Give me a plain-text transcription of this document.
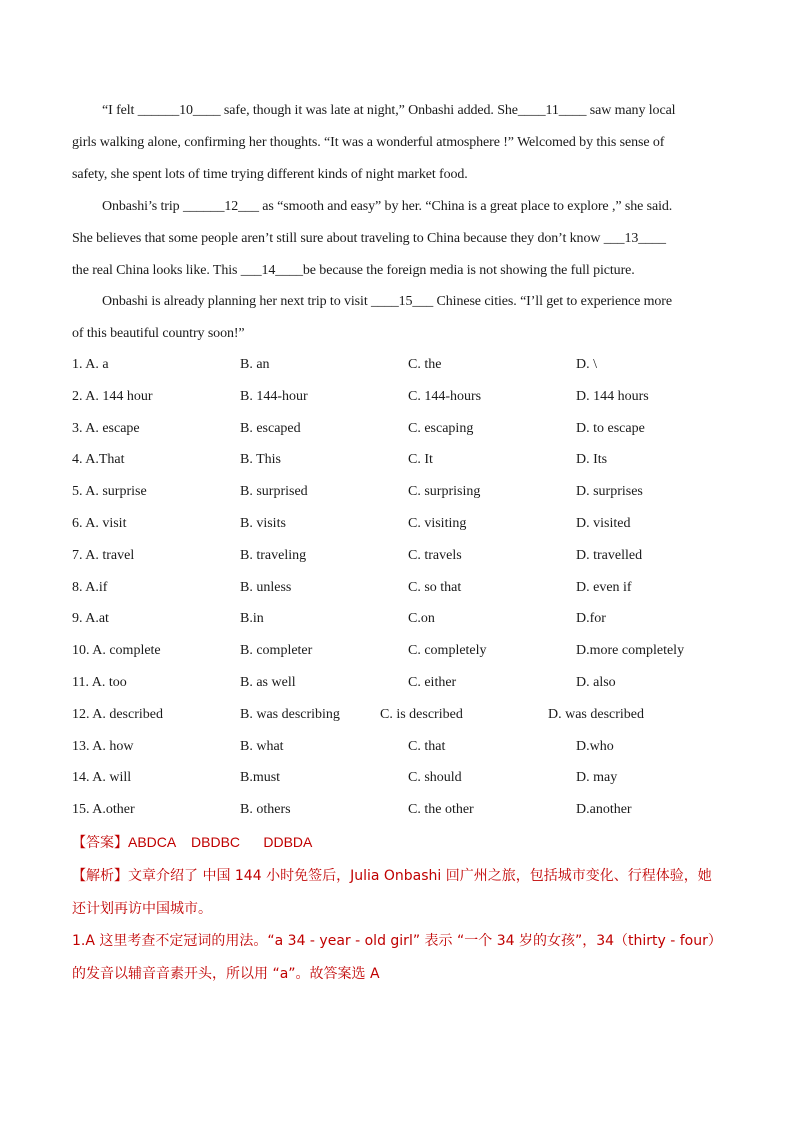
“I felt ______10____ safe, though it was late at night,” Onbashi added. She____11____ saw many local
girls walking alone, confirming her thoughts. “It was a wonderful atmosphere !” Welcomed by this sense of
safety, she spent lots of time trying different kinds of night market food.
Onbashi’s trip ______12___ as “smooth and easy” by her. “China is a great place to explore ,” she said.
She believes that some people aren’t still sure about traveling to China because they don’t know ___13____
the real China looks like. This ___14____be because the foreign media is not showing the full picture.
Onbashi is already planning her next trip to visit ____15___ Chinese cities. “I’ll get to experience more
of this beautiful country soon!”
1. A. a	B. an	C. the	D. \
2. A. 144 hour	B. 144-hour	C. 144-hours	D. 144 hours
3. A. escape	B. escaped	C. escaping	D. to escape
4. A.That	B. This	C. It	D. Its
5. A. surprise	B. surprised	C. surprising	D. surprises
6. A. visit	B. visits	C. visiting	D. visited
7. A. travel	B. traveling	C. travels	D. travelled
8. A.if	B. unless	C. so that	D. even if
9. A.at	B.in	C.on	D.for
10. A. complete	B. completer	C. completely	D.more completely
11. A. too	B. as well	C. either	D. also
12. A. described	B. was describing	C. is described	D. was described
13. A. how	B. what	C. that	D.who
14. A. will	B.must	C. should	D. may
15. A.other	B. others	C. the other	D.another
【答案】ABDCA    DBDBC      DDBDA
【解析】文章介绍了 中国 144 小时免签后，Julia Onbashi 回广州之旅，包括城市变化、行程体验，她还计划再访中国城市。
1.A 这里考查不定冠词的用法。“a 34 - year - old girl” 表示 “一个 34 岁的女孩”，34（thirty - four）的发音以辅音音素开头，所以用 “a”。故答案选 A
